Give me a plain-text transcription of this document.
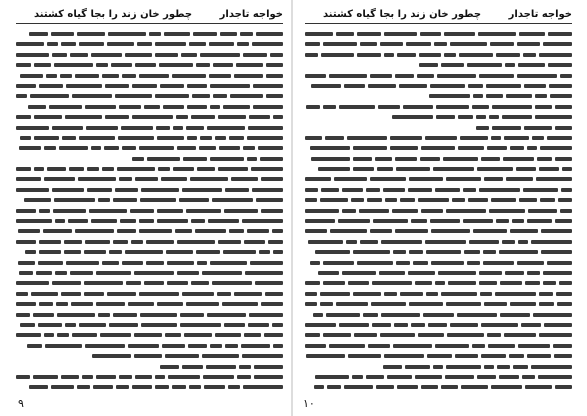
خواجه تاجدار
چطور خان زند را بجا گیاه کشتند
۹
خواجه تاجدار
چطور خان زند را بجا گیاه کشتند
۱۰
